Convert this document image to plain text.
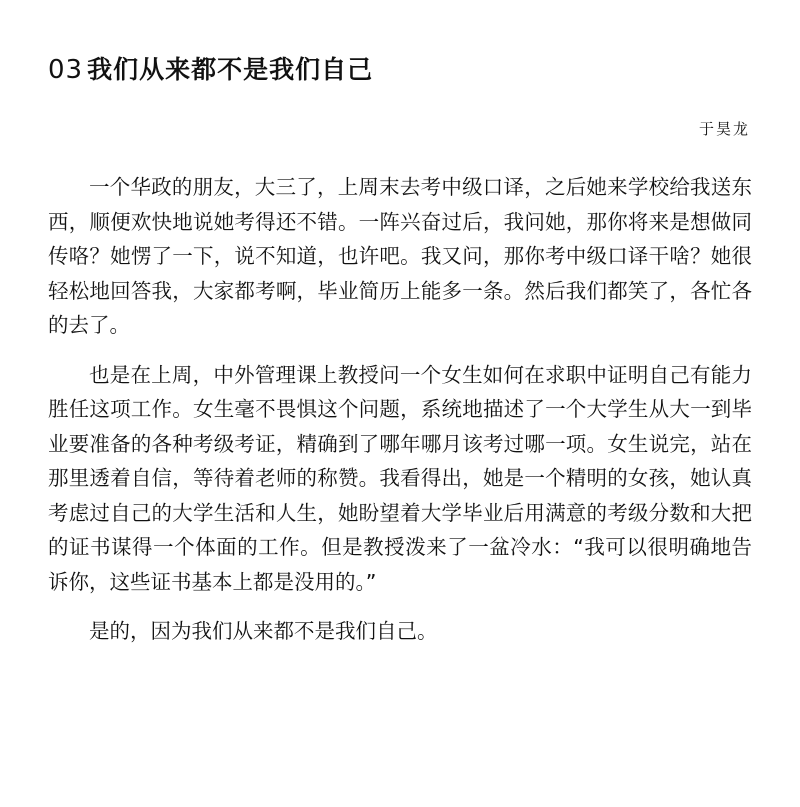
03 我们从来都不是我们自己
于昊龙

一个华政的朋友，大三了，上周末去考中级口译，之后她来学校给我送东西，顺便欢快地说她考得还不错。一阵兴奋过后，我问她，那你将来是想做同传咯？她愣了一下，说不知道，也许吧。我又问，那你考中级口译干啥？她很轻松地回答我，大家都考啊，毕业简历上能多一条。然后我们都笑了，各忙各的去了。

也是在上周，中外管理课上教授问一个女生如何在求职中证明自己有能力胜任这项工作。女生毫不畏惧这个问题，系统地描述了一个大学生从大一到毕业要准备的各种考级考证，精确到了哪年哪月该考过哪一项。女生说完，站在那里透着自信，等待着老师的称赞。我看得出，她是一个精明的女孩，她认真考虑过自己的大学生活和人生，她盼望着大学毕业后用满意的考级分数和大把的证书谋得一个体面的工作。但是教授泼来了一盆冷水：“我可以很明确地告诉你，这些证书基本上都是没用的。”

是的，因为我们从来都不是我们自己。
